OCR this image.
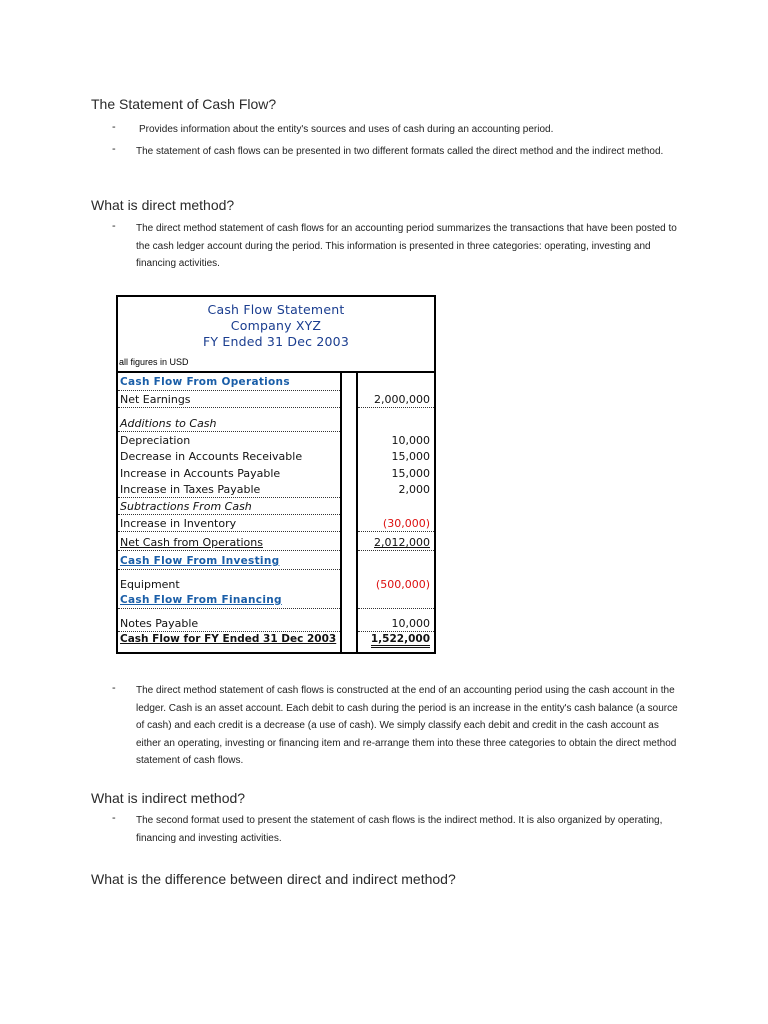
The Statement of Cash Flow?
- Provides information about the entity's sources and uses of cash during an accounting period.
- The statement of cash flows can be presented in two different formats called the direct method and the indirect method.
What is direct method?
- The direct method statement of cash flows for an accounting period summarizes the transactions that have been posted to the cash ledger account during the period. This information is presented in three categories: operating, investing and financing activities.
Cash Flow Statement
Company XYZ
FY Ended 31 Dec 2003
all figures in USD
Cash Flow From Operations
Net Earnings	2,000,000
Additions to Cash
Depreciation	10,000
Decrease in Accounts Receivable	15,000
Increase in Accounts Payable	15,000
Increase in Taxes Payable	2,000
Subtractions From Cash
Increase in Inventory	(30,000)
Net Cash from Operations	2,012,000
Cash Flow From Investing
Equipment	(500,000)
Cash Flow From Financing
Notes Payable	10,000
Cash Flow for FY Ended 31 Dec 2003	1,522,000
- The direct method statement of cash flows is constructed at the end of an accounting period using the cash account in the ledger. Cash is an asset account. Each debit to cash during the period is an increase in the entity's cash balance (a source of cash) and each credit is a decrease (a use of cash). We simply classify each debit and credit in the cash account as either an operating, investing or financing item and re-arrange them into these three categories to obtain the direct method statement of cash flows.
What is indirect method?
- The second format used to present the statement of cash flows is the indirect method. It is also organized by operating, financing and investing activities.
What is the difference between direct and indirect method?
